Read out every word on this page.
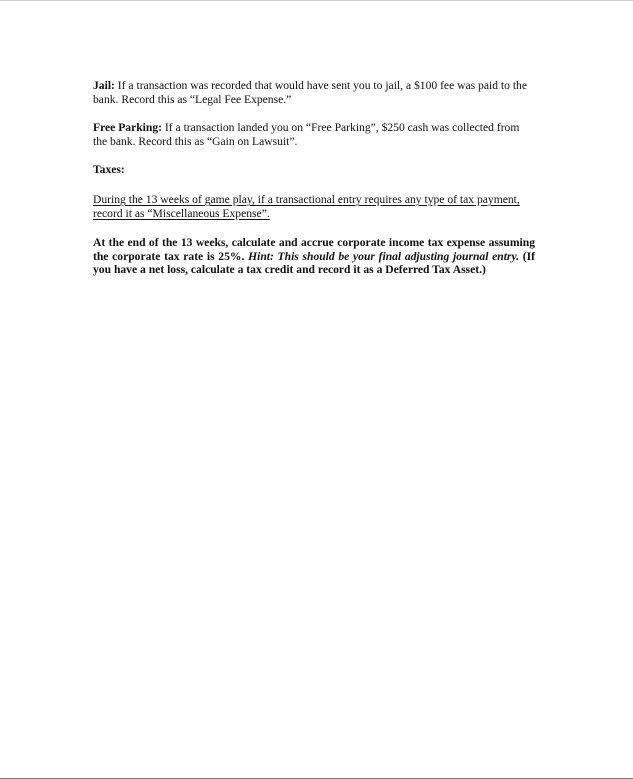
Jail: If a transaction was recorded that would have sent you to jail, a $100 fee was paid to the bank. Record this as “Legal Fee Expense.”

Free Parking: If a transaction landed you on “Free Parking”, $250 cash was collected from the bank. Record this as “Gain on Lawsuit”.

Taxes:

During the 13 weeks of game play, if a transactional entry requires any type of tax payment, record it as “Miscellaneous Expense”.

At the end of the 13 weeks, calculate and accrue corporate income tax expense assuming the corporate tax rate is 25%. Hint: This should be your final adjusting journal entry. (If you have a net loss, calculate a tax credit and record it as a Deferred Tax Asset.)
